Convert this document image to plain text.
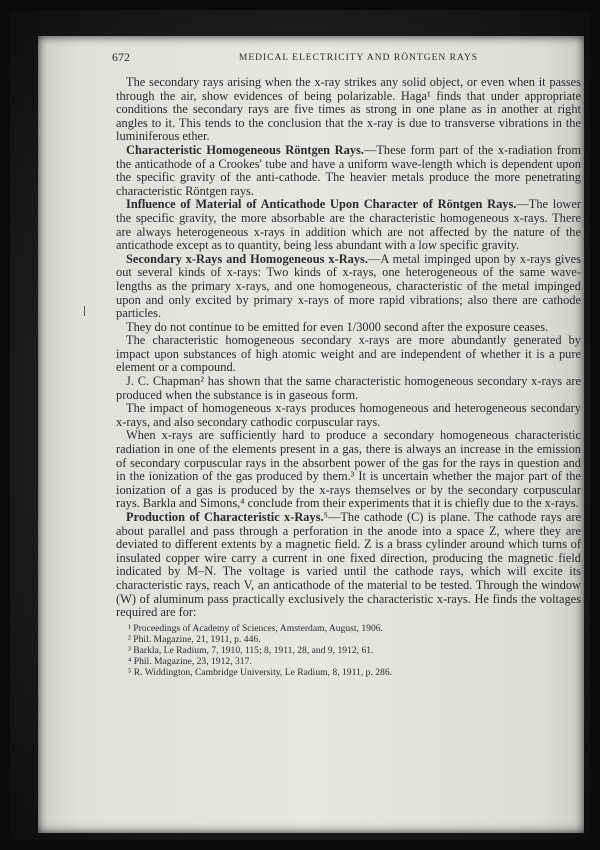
672	MEDICAL ELECTRICITY AND RÖNTGEN RAYS

The secondary rays arising when the x-ray strikes any solid object, or even when it passes through the air, show evidences of being polarizable. Haga¹ finds that under appropriate conditions the secondary rays are five times as strong in one plane as in another at right angles to it. This tends to the conclusion that the x-ray is due to transverse vibrations in the luminiferous ether.

Characteristic Homogeneous Röntgen Rays.—These form part of the x-radiation from the anticathode of a Crookes' tube and have a uniform wave-length which is dependent upon the specific gravity of the anti-cathode. The heavier metals produce the more penetrating characteristic Röntgen rays.

Influence of Material of Anticathode Upon Character of Röntgen Rays.—The lower the specific gravity, the more absorbable are the characteristic homogeneous x-rays. There are always heterogeneous x-rays in addition which are not affected by the nature of the anticathode except as to quantity, being less abundant with a low specific gravity.

Secondary x-Rays and Homogeneous x-Rays.—A metal impinged upon by x-rays gives out several kinds of x-rays: Two kinds of x-rays, one heterogeneous of the same wave-lengths as the primary x-rays, and one homogeneous, characteristic of the metal impinged upon and only excited by primary x-rays of more rapid vibrations; also there are cathode particles.

They do not continue to be emitted for even 1/3000 second after the exposure ceases.

The characteristic homogeneous secondary x-rays are more abundantly generated by impact upon substances of high atomic weight and are independent of whether it is a pure element or a compound.

J. C. Chapman² has shown that the same characteristic homogeneous secondary x-rays are produced when the substance is in gaseous form.

The impact of homogeneous x-rays produces homogeneous and heterogeneous secondary x-rays, and also secondary cathodic corpuscular rays.

When x-rays are sufficiently hard to produce a secondary homogeneous characteristic radiation in one of the elements present in a gas, there is always an increase in the emission of secondary corpuscular rays in the absorbent power of the gas for the rays in question and in the ionization of the gas produced by them.³ It is uncertain whether the major part of the ionization of a gas is produced by the x-rays themselves or by the secondary corpuscular rays. Barkla and Simons,⁴ conclude from their experiments that it is chiefly due to the x-rays.

Production of Characteristic x-Rays.⁵—The cathode (C) is plane. The cathode rays are about parallel and pass through a perforation in the anode into a space Z, where they are deviated to different extents by a magnetic field. Z is a brass cylinder around which turns of insulated copper wire carry a current in one fixed direction, producing the magnetic field indicated by M–N. The voltage is varied until the cathode rays, which will excite its characteristic rays, reach V, an anticathode of the material to be tested. Through the window (W) of aluminum pass practically exclusively the characteristic x-rays. He finds the voltages required are for:

¹ Proceedings of Academy of Sciences, Amsterdam, August, 1906.

² Phil. Magazine, 21, 1911, p. 446.

³ Barkla, Le Radium, 7, 1910, 115; 8, 1911, 28, and 9, 1912, 61.

⁴ Phil. Magazine, 23, 1912, 317.

⁵ R. Widdington, Cambridge University, Le Radium, 8, 1911, p. 286.
